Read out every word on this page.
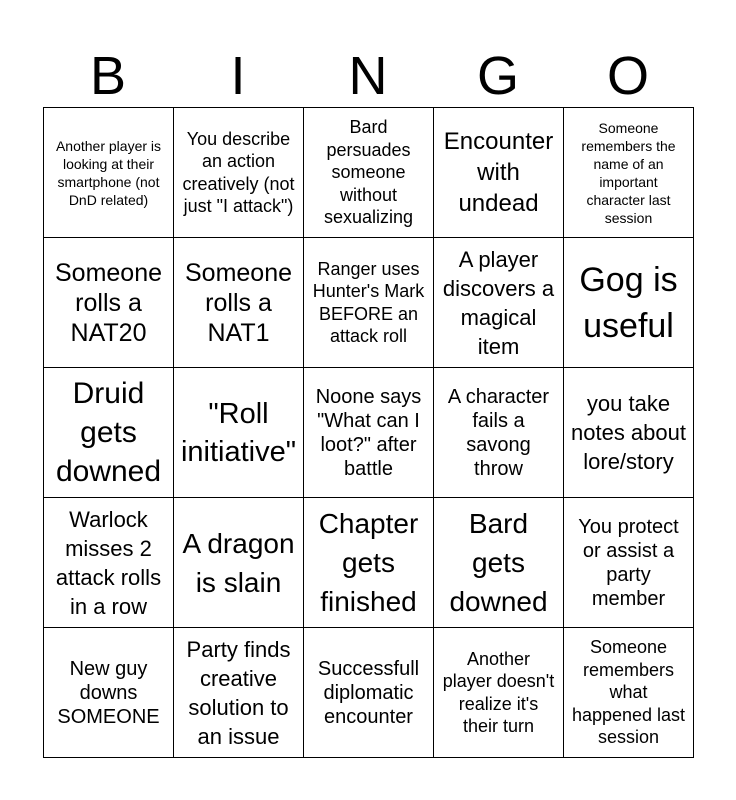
B	I	N	G	O
Another player is looking at their smartphone (not DnD related)	You describe an action creatively (not just "I attack")	Bard persuades someone without sexualizing	Encounter with undead	Someone remembers the name of an important character last session
Someone rolls a NAT20	Someone rolls a NAT1	Ranger uses Hunter's Mark BEFORE an attack roll	A player discovers a magical item	Gog is useful
Druid gets downed	"Roll initiative"	Noone says "What can I loot?" after battle	A character fails a savong throw	you take notes about lore/story
Warlock misses 2 attack rolls in a row	A dragon is slain	Chapter gets finished	Bard gets downed	You protect or assist a party member
New guy downs SOMEONE	Party finds creative solution to an issue	Successfull diplomatic encounter	Another player doesn't realize it's their turn	Someone remembers what happened last session
